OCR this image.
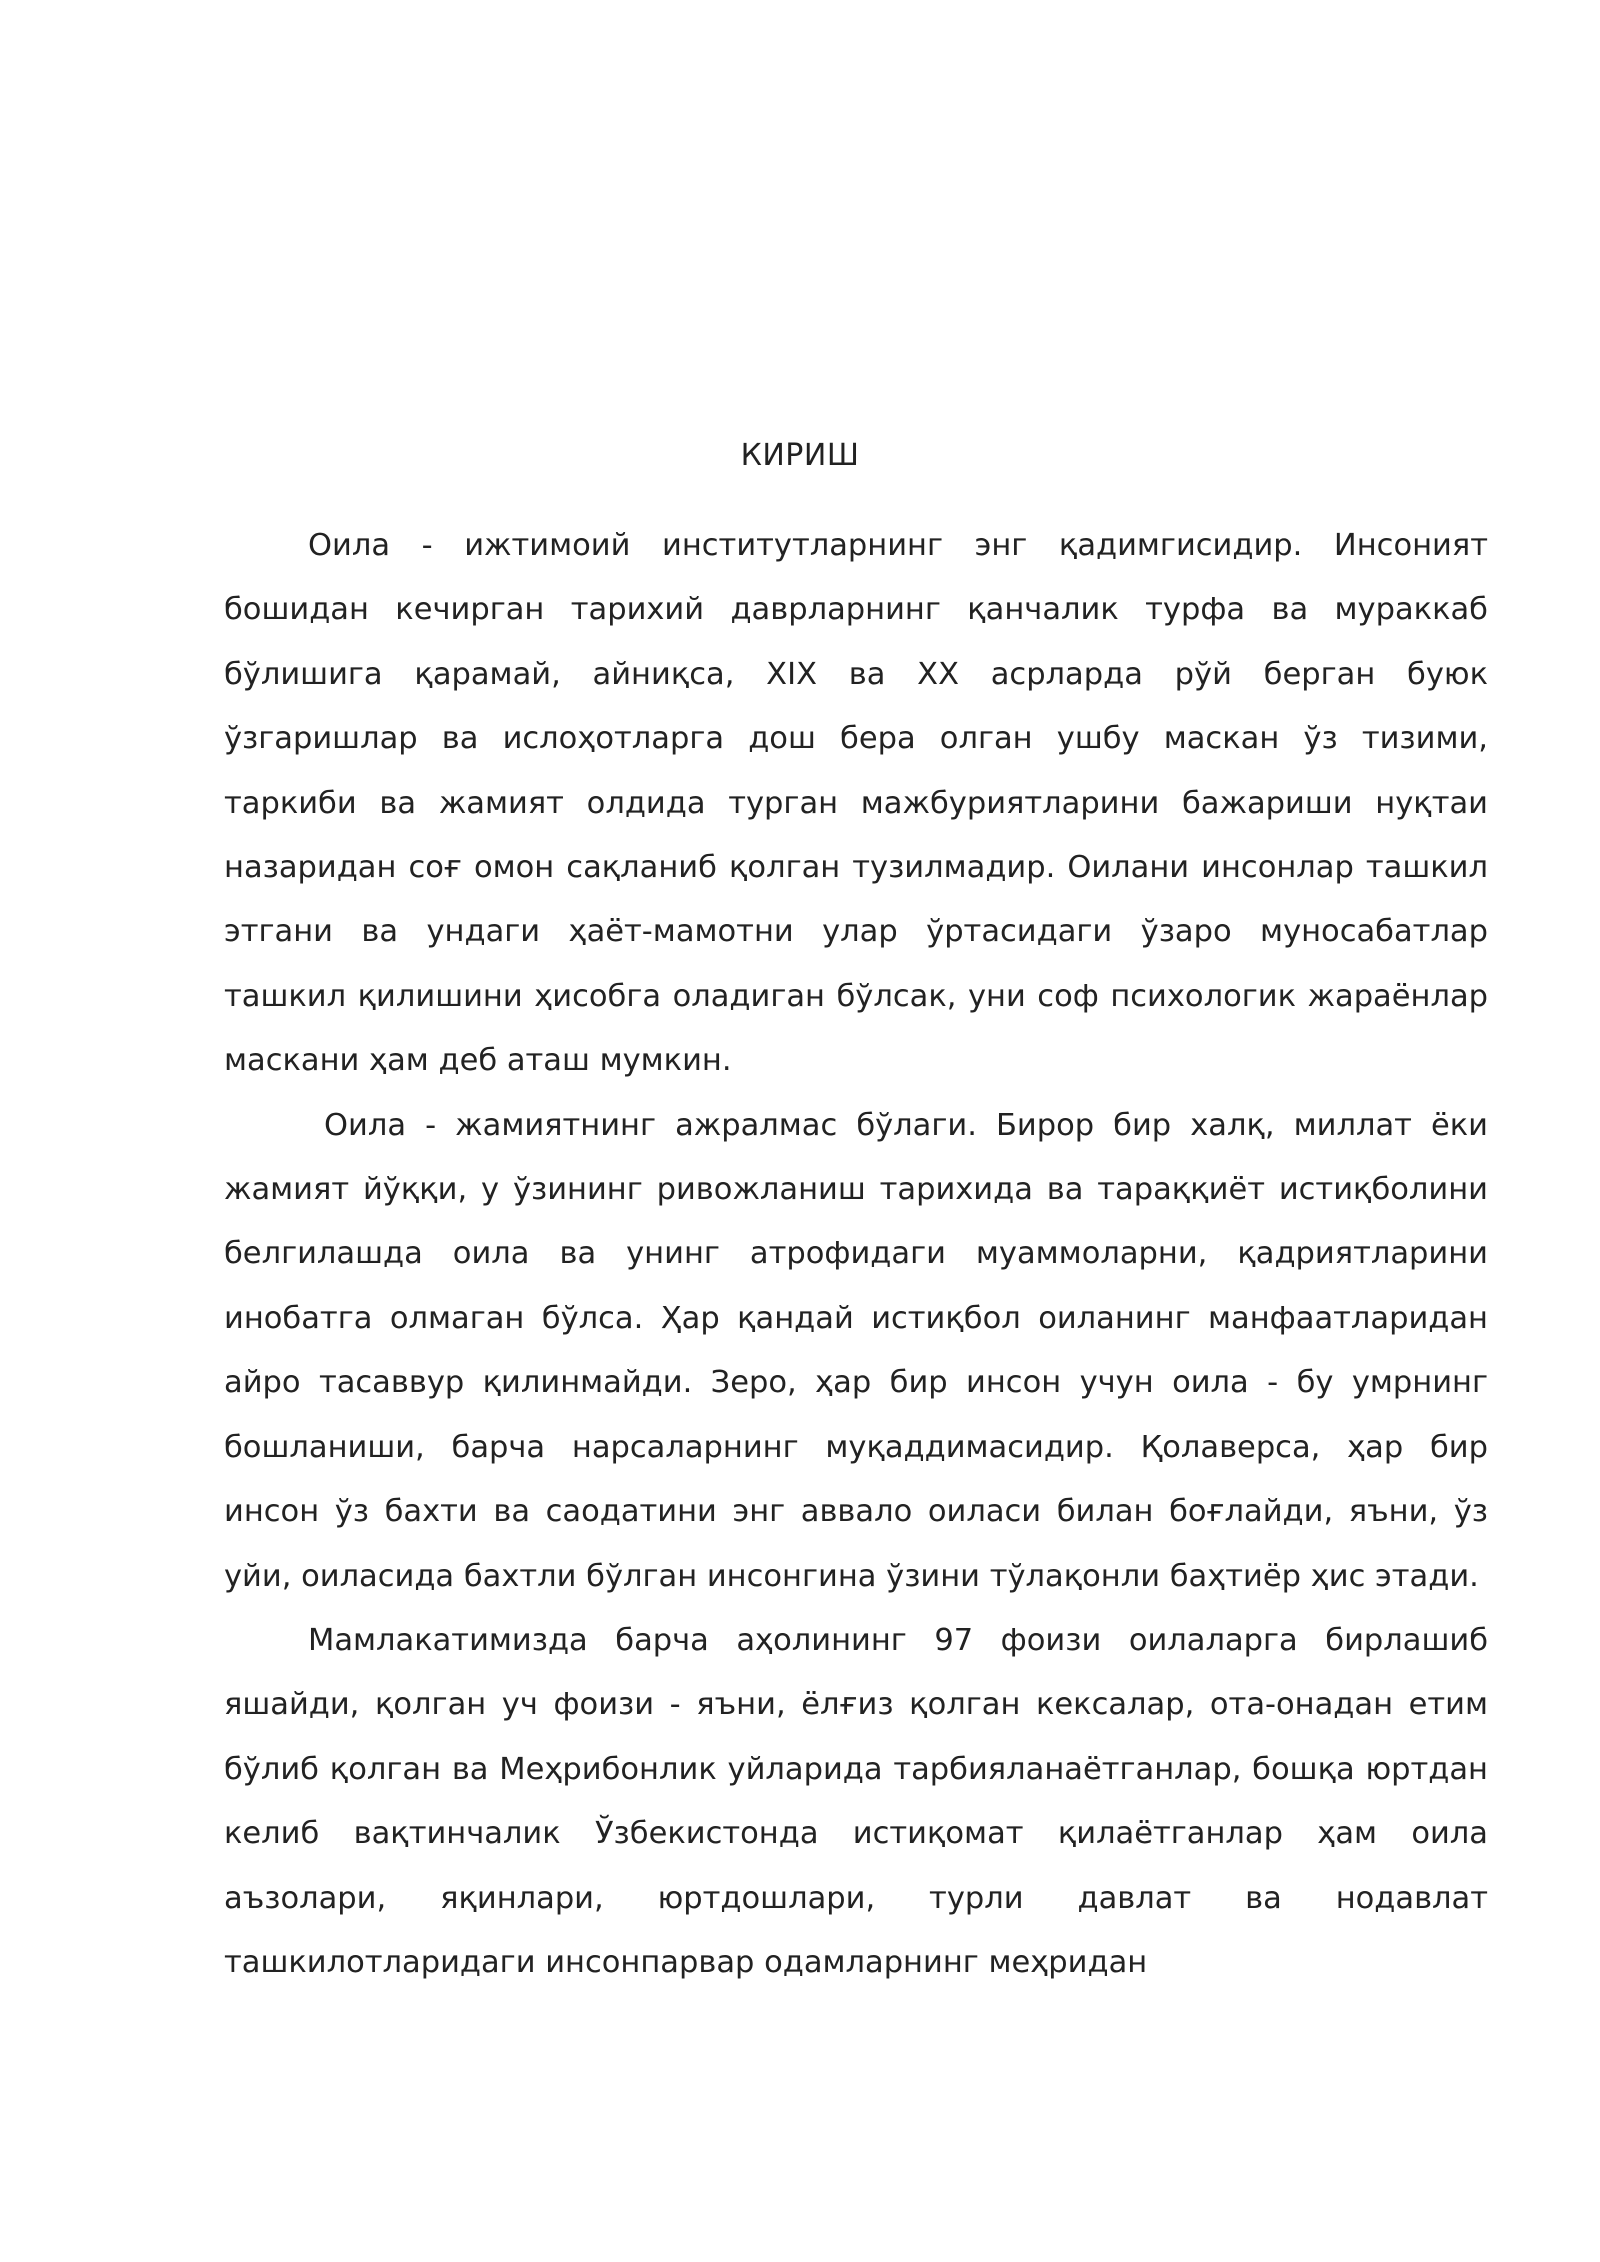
КИРИШ

Оила - ижтимоий институтларнинг энг қадимгисидир. Инсоният бошидан кечирган тарихий даврларнинг қанчалик турфа ва мураккаб бўлишига қарамай, айниқса, XIX ва XX асрларда рўй берган буюк ўзгаришлар ва ислоҳотларга дош бера олган ушбу маскан ўз тизими, таркиби ва жамият олдида турган мажбуриятларини бажариши нуқтаи назаридан соғ омон сақланиб қолган тузилмадир. Оилани инсонлар ташкил этгани ва ундаги ҳаёт-мамотни улар ўртасидаги ўзаро муносабатлар ташкил қилишини ҳисобга оладиган бўлсак, уни соф психологик жараёнлар маскани ҳам деб аташ мумкин.

Оила - жамиятнинг ажралмас бўлаги. Бирор бир халқ, миллат ёки жамият йўққи, у ўзининг ривожланиш тарихида ва тараққиёт истиқболини белгилашда оила ва унинг атрофидаги муаммоларни, қадриятларини инобатга олмаган бўлса. Ҳар қандай истиқбол оиланинг манфаатларидан айро тасаввур қилинмайди. Зеро, ҳар бир инсон учун оила - бу умрнинг бошланиши, барча нарсаларнинг муқаддимасидир. Қолаверса, ҳар бир инсон ўз бахти ва саодатини энг аввало оиласи билан боғлайди, яъни, ўз уйи, оиласида бахтли бўлган инсонгина ўзини тўлақонли баҳтиёр ҳис этади.

Мамлакатимизда барча аҳолининг 97 фоизи оилаларга бирлашиб яшайди, қолган уч фоизи - яъни, ёлғиз қолган кексалар, ота-онадан етим бўлиб қолган ва Меҳрибонлик уйларида тарбияланаётганлар, бошқа юртдан келиб вақтинчалик Ўзбекистонда истиқомат қилаётганлар ҳам оила аъзолари, яқинлари, юртдошлари, турли давлат ва нодавлат ташкилотларидаги инсонпарвар одамларнинг меҳридан
